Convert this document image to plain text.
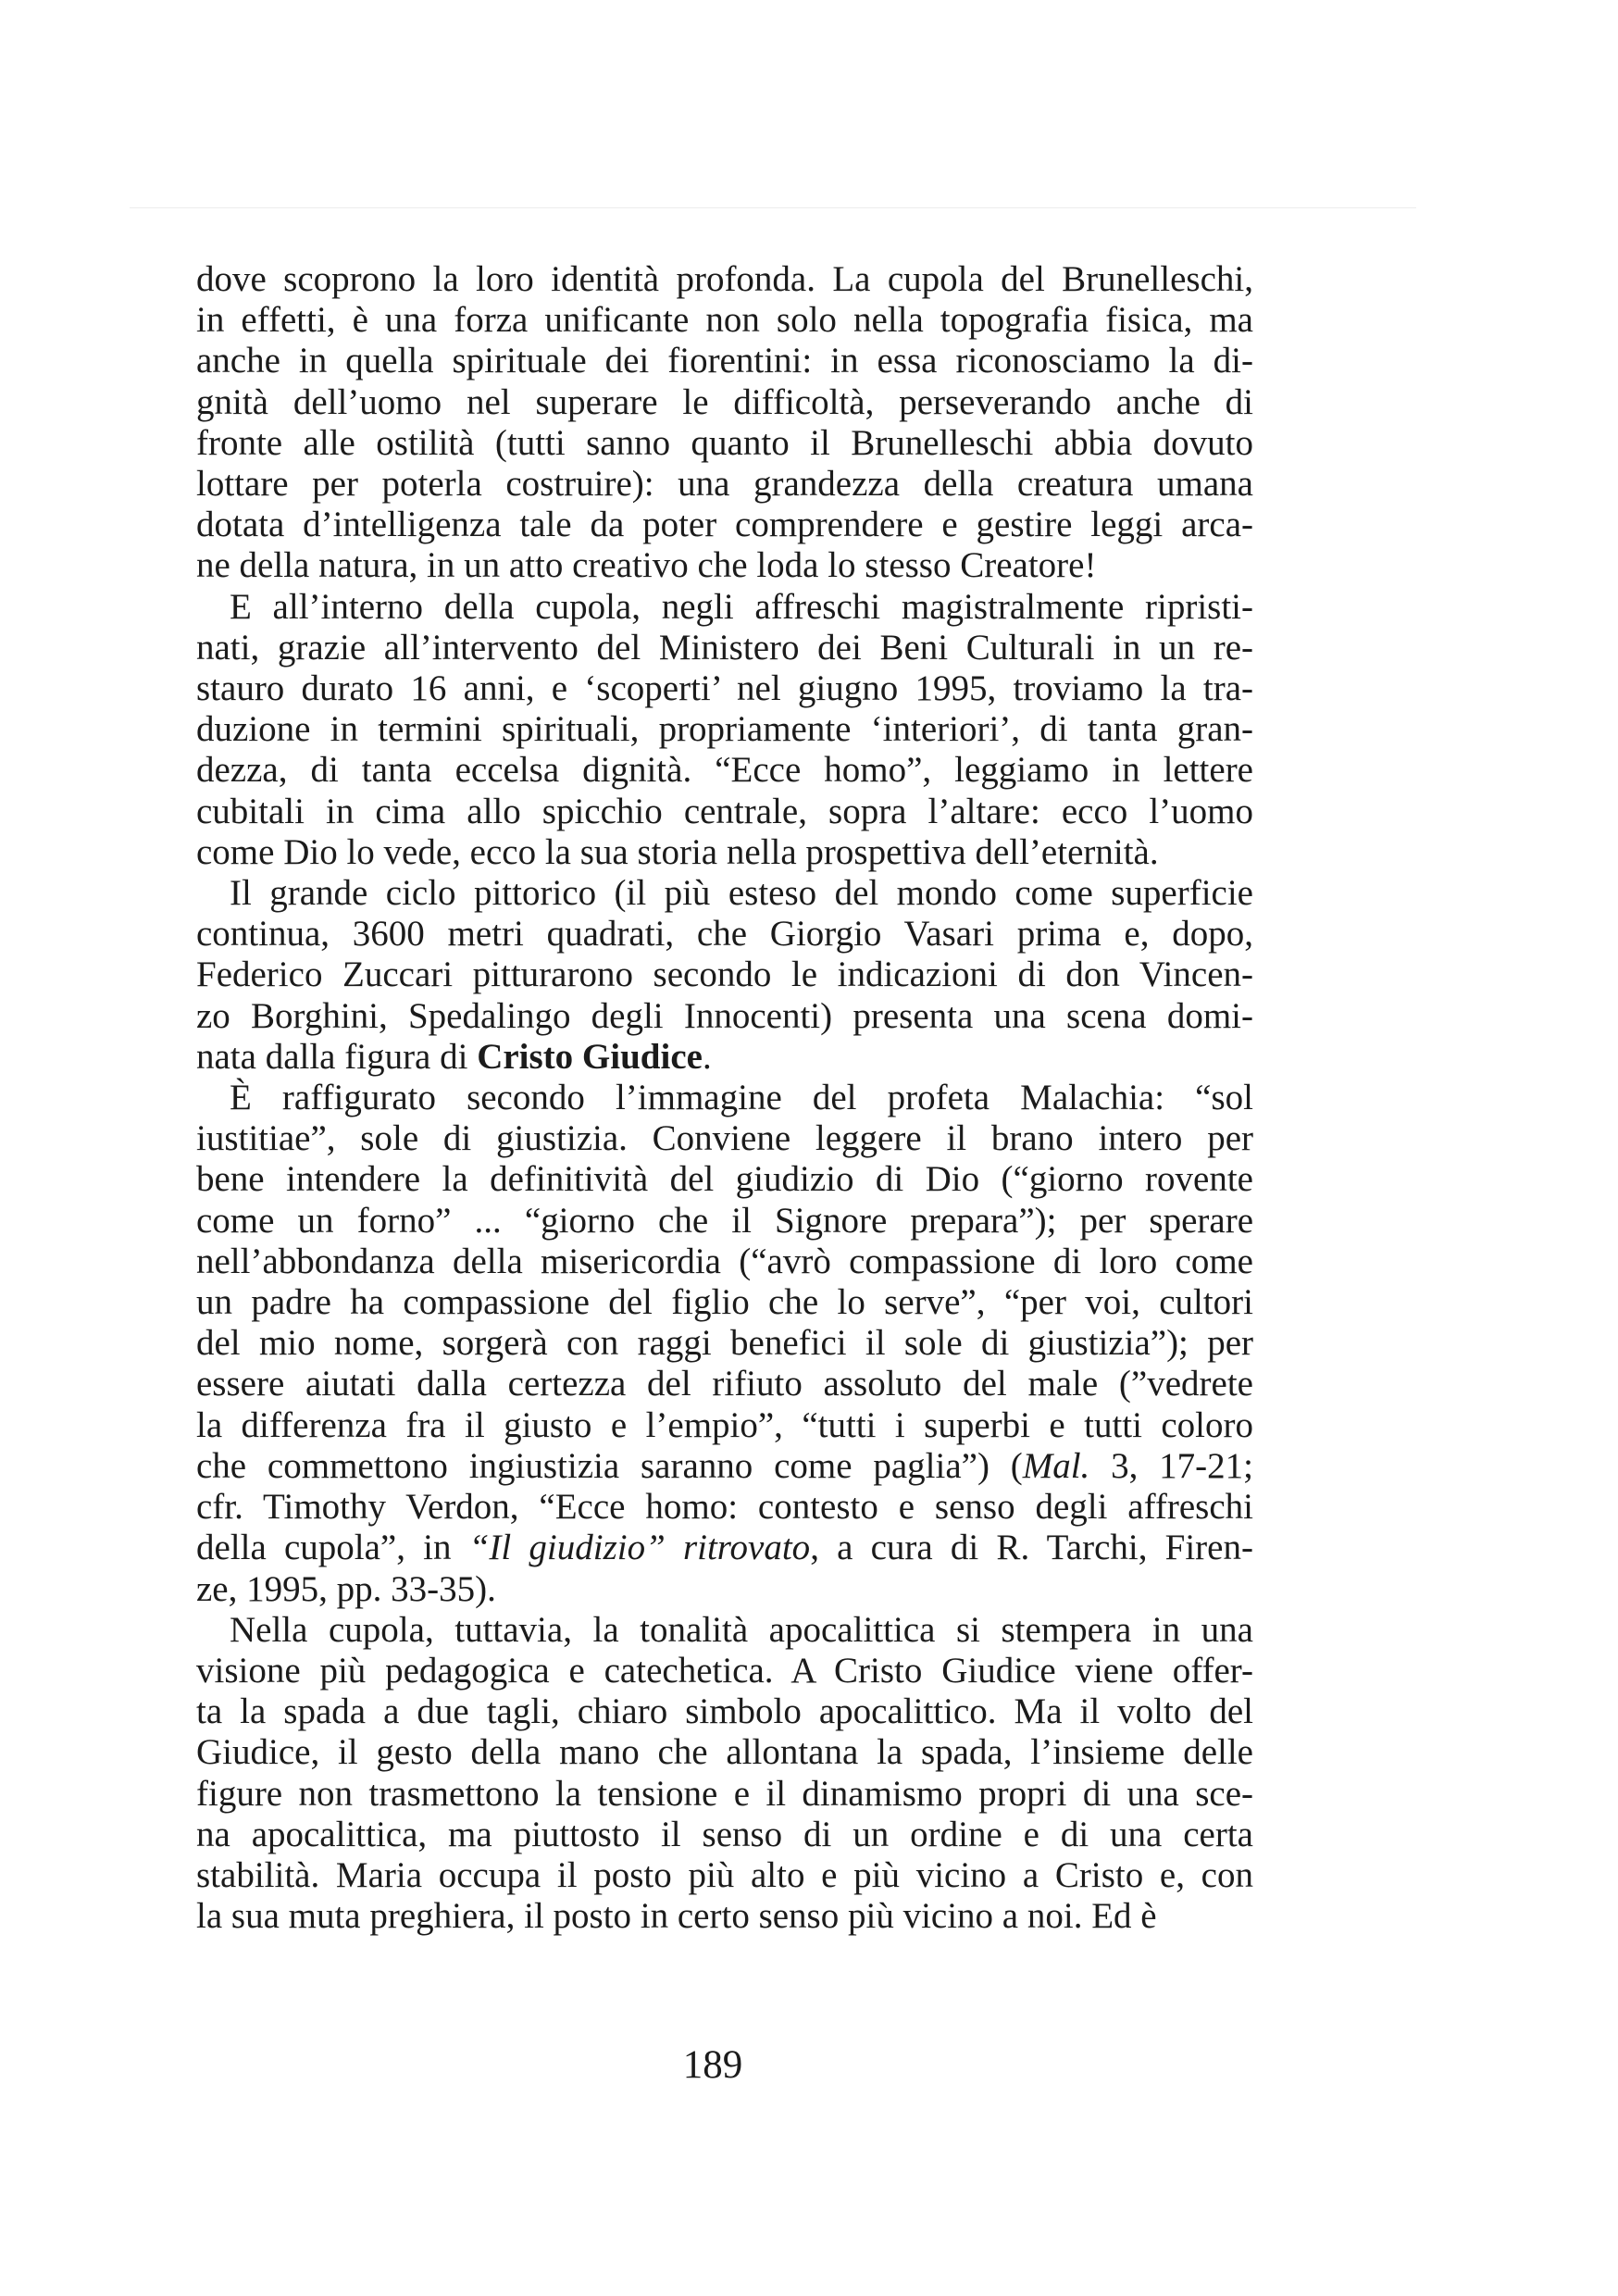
dove scoprono la loro identità profonda. La cupola del Brunelleschi,
in effetti, è una forza unificante non solo nella topografia fisica, ma
anche in quella spirituale dei fiorentini: in essa riconosciamo la di-
gnità dell’uomo nel superare le difficoltà, perseverando anche di
fronte alle ostilità (tutti sanno quanto il Brunelleschi abbia dovuto
lottare per poterla costruire): una grandezza della creatura umana
dotata d’intelligenza tale da poter comprendere e gestire leggi arca-
ne della natura, in un atto creativo che loda lo stesso Creatore!
E all’interno della cupola, negli affreschi magistralmente ripristi-
nati, grazie all’intervento del Ministero dei Beni Culturali in un re-
stauro durato 16 anni, e ‘scoperti’ nel giugno 1995, troviamo la tra-
duzione in termini spirituali, propriamente ‘interiori’, di tanta gran-
dezza, di tanta eccelsa dignità. “Ecce homo”, leggiamo in lettere
cubitali in cima allo spicchio centrale, sopra l’altare: ecco l’uomo
come Dio lo vede, ecco la sua storia nella prospettiva dell’eternità.
Il grande ciclo pittorico (il più esteso del mondo come superficie
continua, 3600 metri quadrati, che Giorgio Vasari prima e, dopo,
Federico Zuccari pitturarono secondo le indicazioni di don Vincen-
zo Borghini, Spedalingo degli Innocenti) presenta una scena domi-
nata dalla figura di Cristo Giudice.
È raffigurato secondo l’immagine del profeta Malachia: “sol
iustitiae”, sole di giustizia. Conviene leggere il brano intero per
bene intendere la definitività del giudizio di Dio (“giorno rovente
come un forno” ... “giorno che il Signore prepara”); per sperare
nell’abbondanza della misericordia (“avrò compassione di loro come
un padre ha compassione del figlio che lo serve”, “per voi, cultori
del mio nome, sorgerà con raggi benefici il sole di giustizia”); per
essere aiutati dalla certezza del rifiuto assoluto del male (”vedrete
la differenza fra il giusto e l’empio”, “tutti i superbi e tutti coloro
che commettono ingiustizia saranno come paglia”) (Mal. 3, 17-21;
cfr. Timothy Verdon, “Ecce homo: contesto e senso degli affreschi
della cupola”, in “Il giudizio” ritrovato, a cura di R. Tarchi, Firen-
ze, 1995, pp. 33-35).
Nella cupola, tuttavia, la tonalità apocalittica si stempera in una
visione più pedagogica e catechetica. A Cristo Giudice viene offer-
ta la spada a due tagli, chiaro simbolo apocalittico. Ma il volto del
Giudice, il gesto della mano che allontana la spada, l’insieme delle
figure non trasmettono la tensione e il dinamismo propri di una sce-
na apocalittica, ma piuttosto il senso di un ordine e di una certa
stabilità. Maria occupa il posto più alto e più vicino a Cristo e, con
la sua muta preghiera, il posto in certo senso più vicino a noi. Ed è
189
